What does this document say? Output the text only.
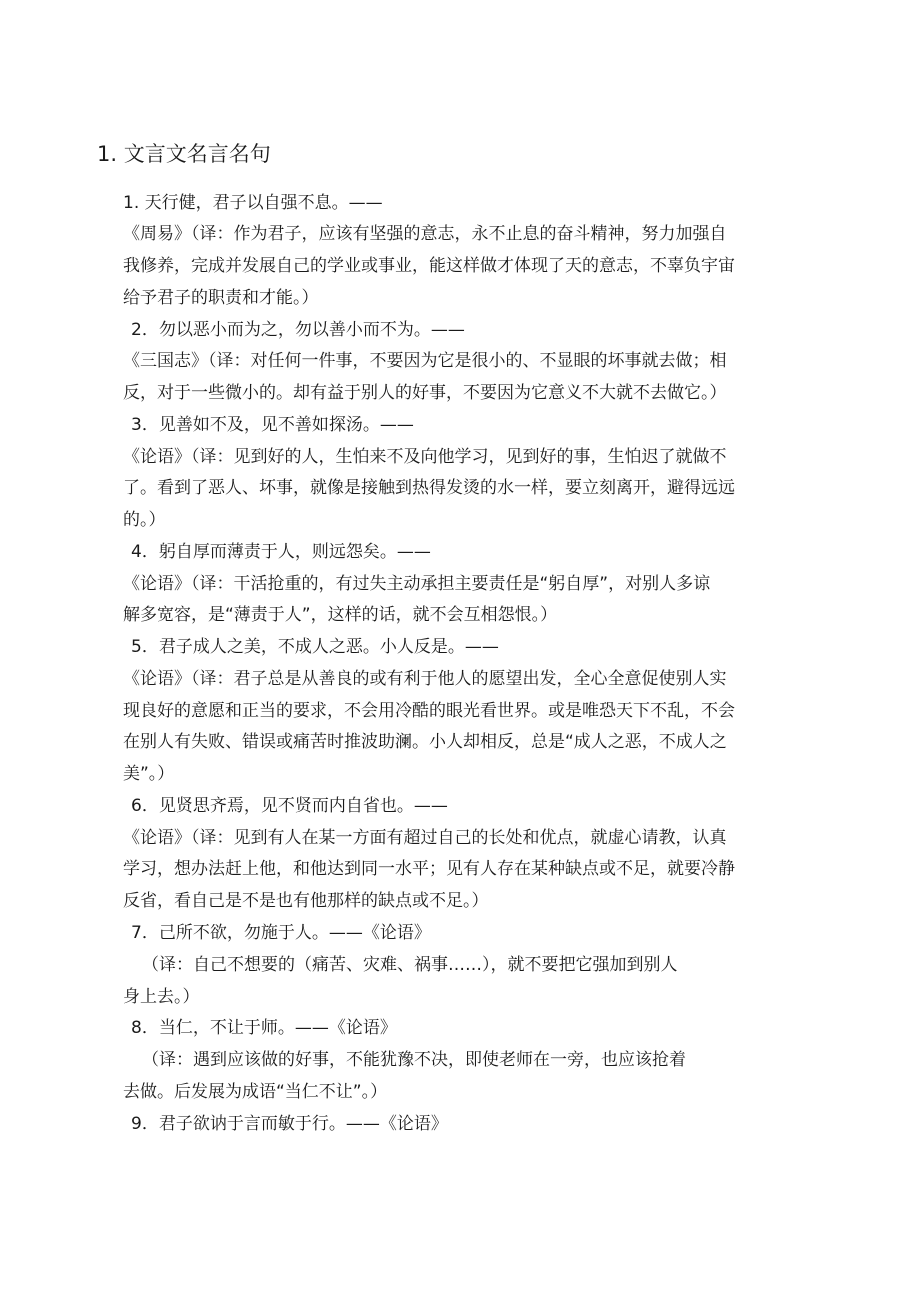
1. 文言文名言名句
1. 天行健，君子以自强不息。——
《周易》（译：作为君子，应该有坚强的意志，永不止息的奋斗精神，努力加强自
我修养，完成并发展自己的学业或事业，能这样做才体现了天的意志，不辜负宇宙
给予君子的职责和才能。）
2．勿以恶小而为之，勿以善小而不为。——
《三国志》（译：对任何一件事，不要因为它是很小的、不显眼的坏事就去做；相
反，对于一些微小的。却有益于别人的好事，不要因为它意义不大就不去做它。）
3．见善如不及，见不善如探汤。——
《论语》（译：见到好的人，生怕来不及向他学习，见到好的事，生怕迟了就做不
了。看到了恶人、坏事，就像是接触到热得发烫的水一样，要立刻离开，避得远远
的。）
4．躬自厚而薄责于人，则远怨矣。——
《论语》（译：干活抢重的，有过失主动承担主要责任是“躬自厚”，对别人多谅
解多宽容，是“薄责于人”，这样的话，就不会互相怨恨。）
5．君子成人之美，不成人之恶。小人反是。——
《论语》（译：君子总是从善良的或有利于他人的愿望出发，全心全意促使别人实
现良好的意愿和正当的要求，不会用冷酷的眼光看世界。或是唯恐天下不乱，不会
在别人有失败、错误或痛苦时推波助澜。小人却相反，总是“成人之恶，不成人之
美”。）
6．见贤思齐焉，见不贤而内自省也。——
《论语》（译：见到有人在某一方面有超过自己的长处和优点，就虚心请教，认真
学习，想办法赶上他，和他达到同一水平；见有人存在某种缺点或不足，就要冷静
反省，看自己是不是也有他那样的缺点或不足。）
7．己所不欲，勿施于人。——《论语》
（译：自己不想要的（痛苦、灾难、祸事……），就不要把它强加到别人
身上去。）
8．当仁，不让于师。——《论语》
（译：遇到应该做的好事，不能犹豫不决，即使老师在一旁，也应该抢着
去做。后发展为成语“当仁不让”。）
9．君子欲讷于言而敏于行。——《论语》
